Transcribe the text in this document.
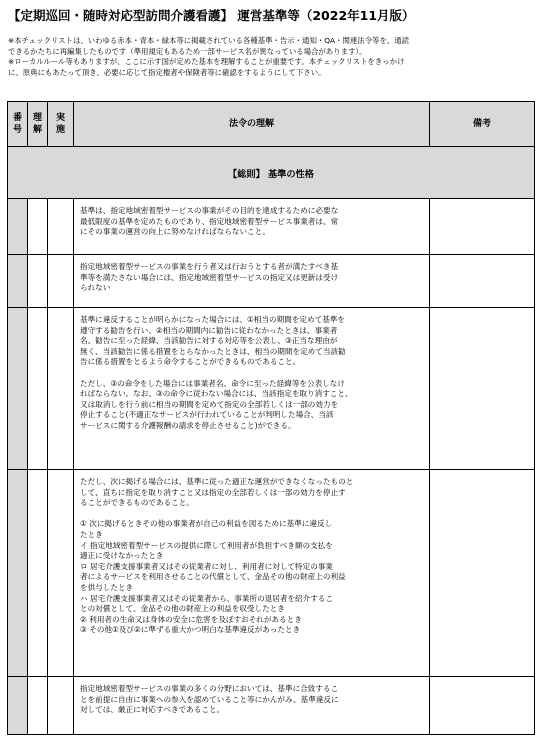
【定期巡回・随時対応型訪問介護看護】 運営基準等（2022年11月版）
※本チェックリストは、いわゆる赤本・青本・緑本等に掲載されている各種基準・告示・通知・QA・関連法令等を、通読
できるかたちに再編集したものです（準用規定もあるため一部サービス名が異なっている場合があります）。
※ローカルルール等もありますが、ここに示す国が定めた基本を理解することが重要です。本チェックリストをきっかけ
に、原典にもあたって頂き、必要に応じて指定権者や保険者等に確認をするようにして下さい。
番
号
理
解
実
施
法令の理解	備考
【総則】 基準の性格
基準は、指定地域密着型サービスの事業がその目的を達成するために必要な
最低限度の基準を定めたものであり、指定地域密着型サービス事業者は、常
にその事業の運営の向上に努めなければならないこと。
指定地域密着型サービスの事業を行う者又は行おうとする者が満たすべき基
準等を満たさない場合には、指定地域密着型サービスの指定又は更新は受け
られない
基準に違反することが明らかになった場合には、①相当の期間を定めて基準を
遵守する勧告を行い、②相当の期間内に勧告に従わなかったときは、事業者
名、勧告に至った経緯、当該勧告に対する対応等を公表し、③正当な理由が
無く、当該勧告に係る措置をとらなかったときは、相当の期間を定めて当該勧
告に係る措置をとるよう命令することができるものであること。
ただし、③の命令をした場合には事業者名、命令に至った経緯等を公表しなけ
ればならない。なお、③の命令に従わない場合には、当該指定を取り消すこと、
又は取消しを行う前に相当の期間を定めて指定の全部若しくは一部の効力を
停止すること(不適正なサービスが行われていることが判明した場合、当該
サービスに関する介護報酬の請求を停止させること)ができる。
ただし、次に掲げる場合には、基準に従った適正な運営ができなくなったものと
して、直ちに指定を取り消すこと又は指定の全部若しくは一部の効力を停止す
ることができるものであること。
① 次に掲げるときその他の事業者が自己の利益を図るために基準に違反し
たとき
イ 指定地域密着型サービスの提供に際して利用者が負担すべき額の支払を
適正に受けなかったとき
ロ 居宅介護支援事業者又はその従業者に対し、利用者に対して特定の事業
者によるサービスを利用させることの代償として、金品その他の財産上の利益
を供与したとき
ハ 居宅介護支援事業者又はその従業者から、事業所の退居者を紹介するこ
との対償として、金品その他の財産上の利益を収受したとき
② 利用者の生命又は身体の安全に危害を及ぼすおそれがあるとき
③ その他①及び②に準ずる重大かつ明白な基準違反があったとき
指定地域密着型サービスの事業の多くの分野においては、基準に合致するこ
とを前提に自由に事業への参入を認めていること等にかんがみ、基準違反に
対しては、厳正に対応すべきであること。
